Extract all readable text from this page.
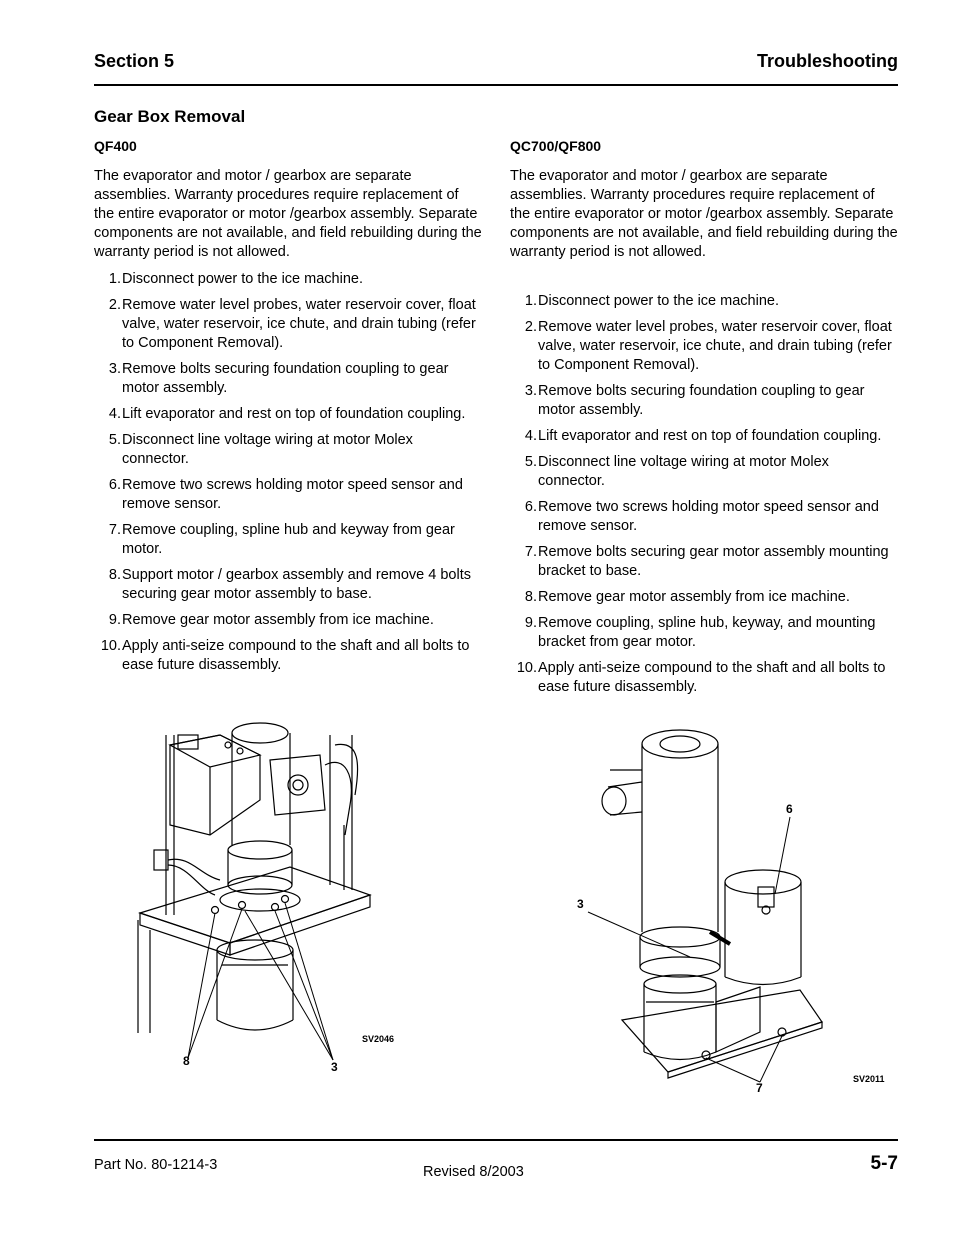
Section 5	Troubleshooting
Gear Box Removal
QF400

The evaporator and motor / gearbox are separate assemblies. Warranty procedures require replacement of the entire evaporator or motor /gearbox assembly. Separate components are not available, and field rebuilding during the warranty period is not allowed.

1. Disconnect power to the ice machine.
2. Remove water level probes, water reservoir cover, float valve, water reservoir, ice chute, and drain tubing (refer to Component Removal).
3. Remove bolts securing foundation coupling to gear motor assembly.
4. Lift evaporator and rest on top of foundation coupling.
5. Disconnect line voltage wiring at motor Molex connector.
6. Remove two screws holding motor speed sensor and remove sensor.
7. Remove coupling, spline hub and keyway from gear motor.
8. Support motor / gearbox assembly and remove 4 bolts securing gear motor assembly to base.
9. Remove gear motor assembly from ice machine.
10. Apply anti-seize compound to the shaft and all bolts to ease future disassembly.
QC700/QF800

The evaporator and motor / gearbox are separate assemblies. Warranty procedures require replacement of the entire evaporator or motor /gearbox assembly. Separate components are not available, and field rebuilding during the warranty period is not allowed.

1. Disconnect power to the ice machine.
2. Remove water level probes, water reservoir cover, float valve, water reservoir, ice chute, and drain tubing (refer to Component Removal).
3. Remove bolts securing foundation coupling to gear motor assembly.
4. Lift evaporator and rest on top of foundation coupling.
5. Disconnect line voltage wiring at motor Molex connector.
6. Remove two screws holding motor speed sensor and remove sensor.
7. Remove bolts securing gear motor assembly mounting bracket to base.
8. Remove gear motor assembly from ice machine.
9. Remove coupling, spline hub, keyway, and mounting bracket from gear motor.
10. Apply anti-seize compound to the shaft and all bolts to ease future disassembly.
SV2046
8	3
6
3
7
SV2011
Part No. 80-1214-3	Revised 8/2003	5-7
